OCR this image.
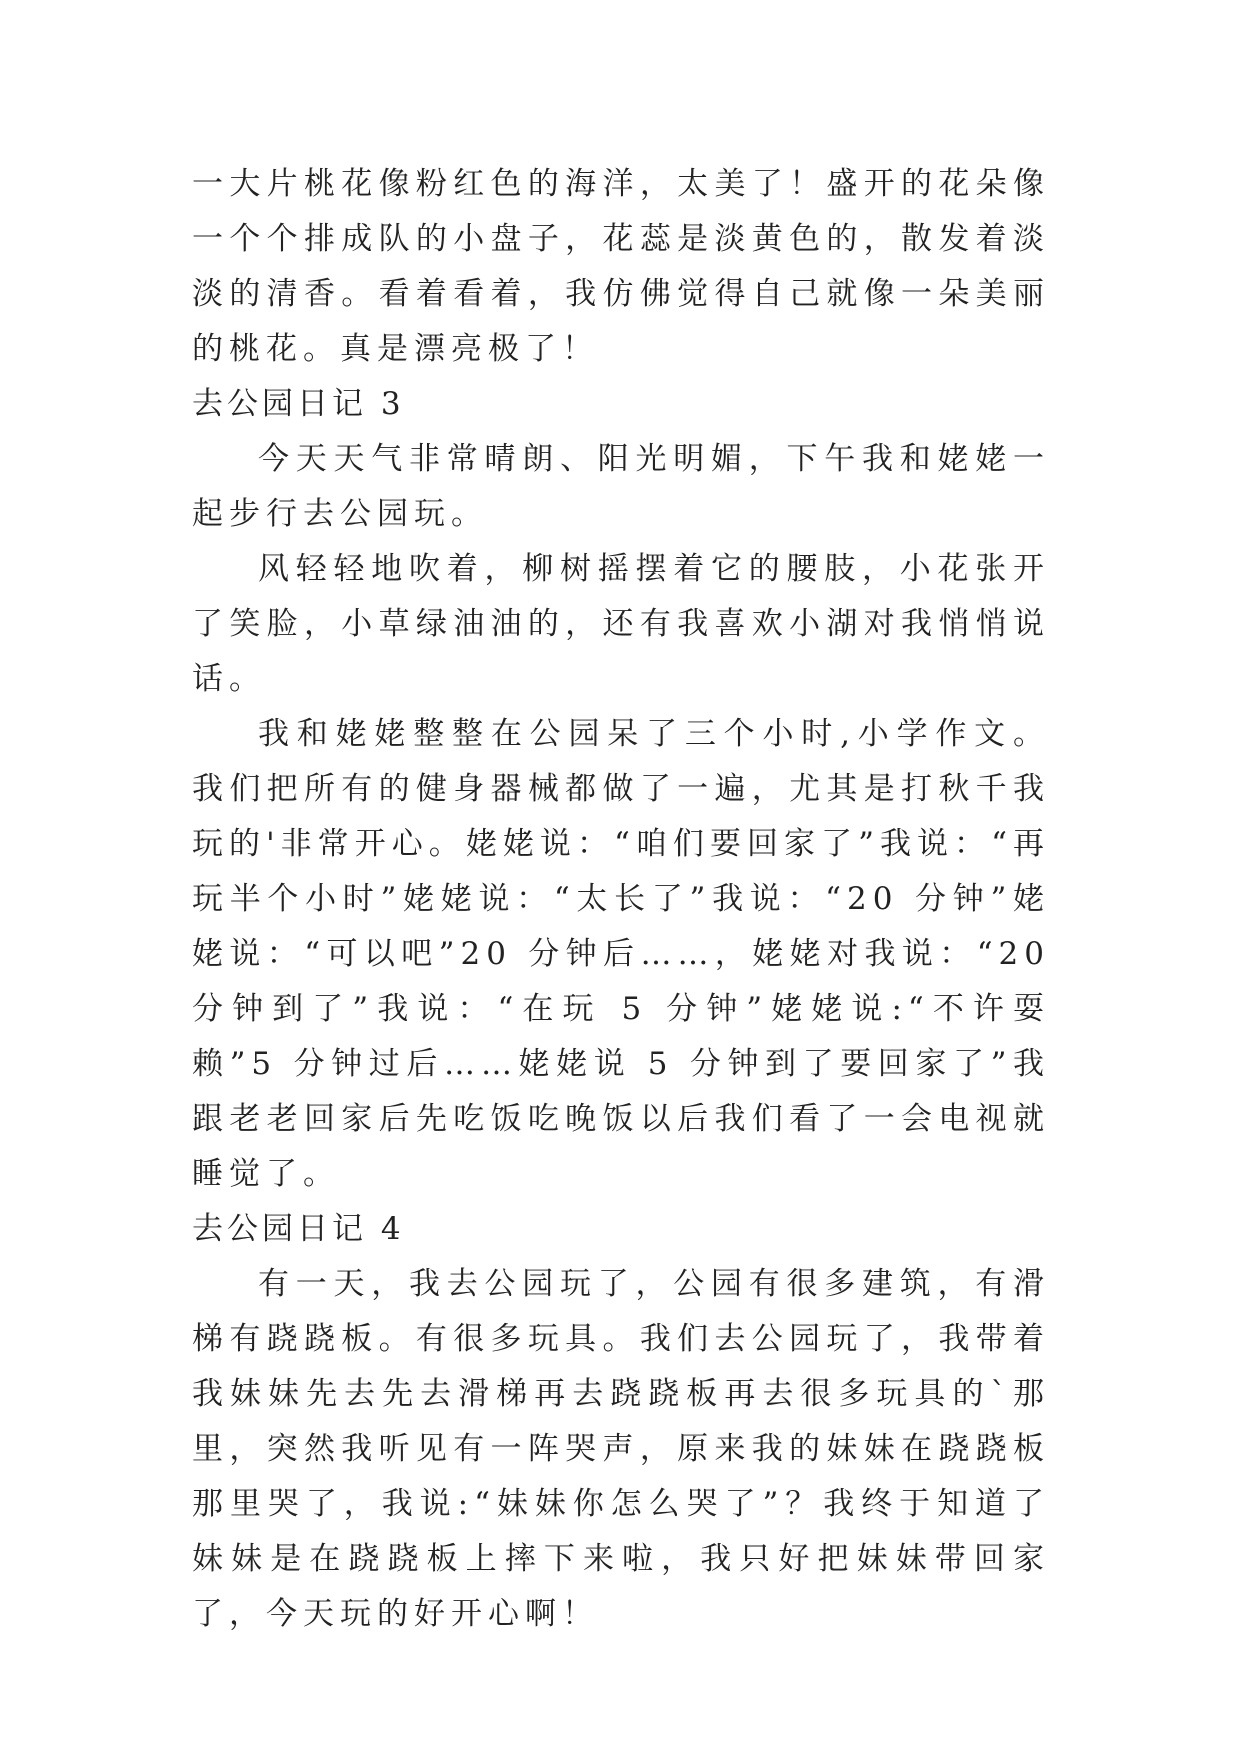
一大片桃花像粉红色的海洋，太美了！盛开的花朵像一个个排成队的小盘子，花蕊是淡黄色的，散发着淡淡的清香。看着看着，我仿佛觉得自己就像一朵美丽的桃花。真是漂亮极了！

去公园日记 3

今天天气非常晴朗、阳光明媚，下午我和姥姥一起步行去公园玩。

风轻轻地吹着，柳树摇摆着它的腰肢，小花张开了笑脸，小草绿油油的，还有我喜欢小湖对我悄悄说话。

我和姥姥整整在公园呆了三个小时,小学作文。我们把所有的健身器械都做了一遍，尤其是打秋千我玩的'非常开心。姥姥说：“咱们要回家了”我说：“再玩半个小时”姥姥说：“太长了”我说：“20 分钟”姥姥说：“可以吧”20 分钟后……，姥姥对我说：“20 分钟到了”我说：“在玩 5 分钟”姥姥说:“不许耍赖”5 分钟过后……姥姥说 5 分钟到了要回家了”我跟老老回家后先吃饭吃晚饭以后我们看了一会电视就睡觉了。

去公园日记 4

有一天，我去公园玩了，公园有很多建筑，有滑梯有跷跷板。有很多玩具。我们去公园玩了，我带着我妹妹先去先去滑梯再去跷跷板再去很多玩具的`那里，突然我听见有一阵哭声，原来我的妹妹在跷跷板那里哭了，我说:“妹妹你怎么哭了”？我终于知道了妹妹是在跷跷板上摔下来啦，我只好把妹妹带回家了，今天玩的好开心啊！
